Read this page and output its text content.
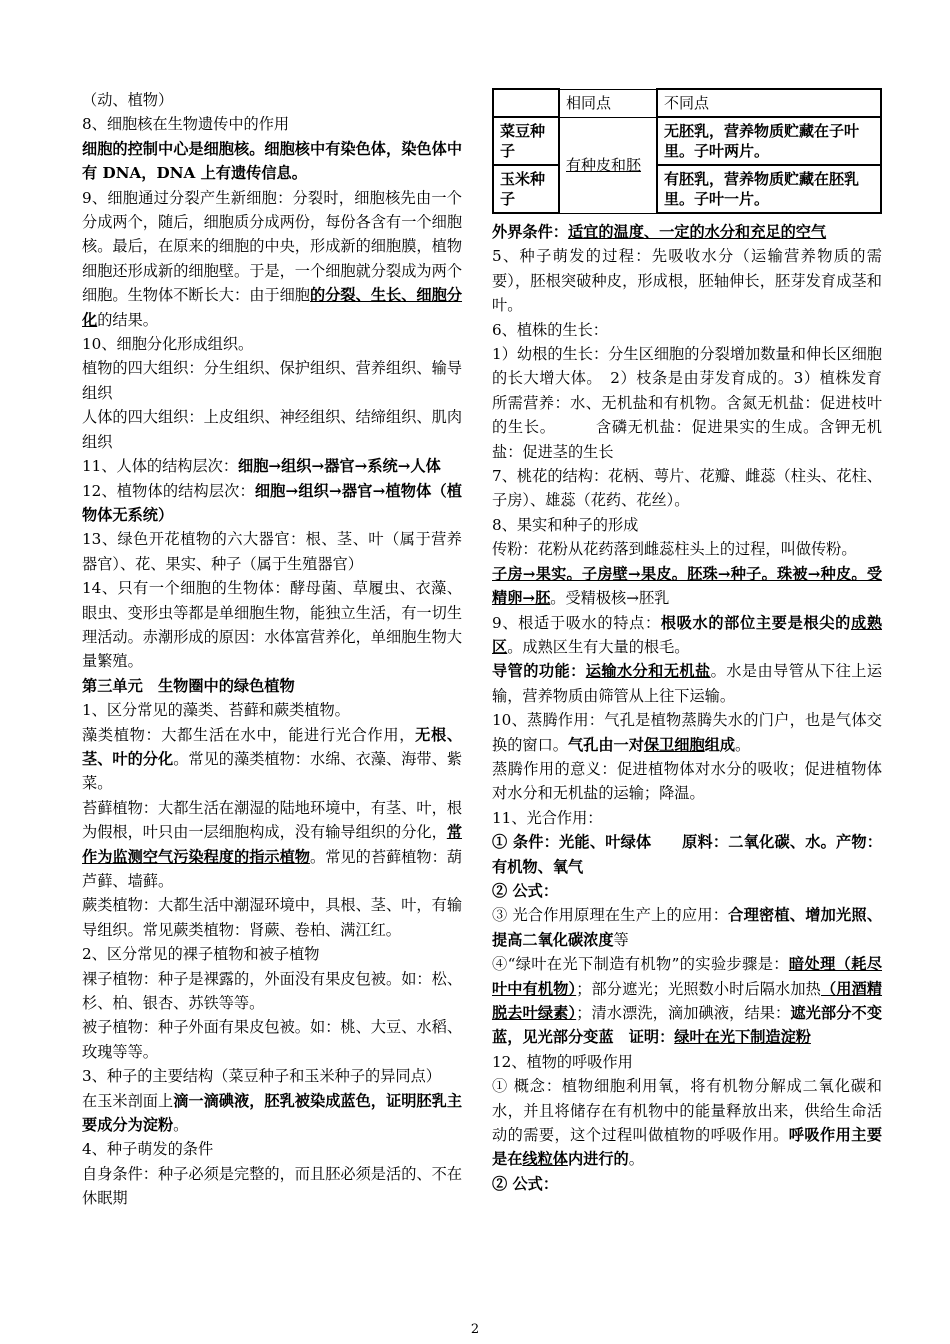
（动、植物）

8、细胞核在生物遗传中的作用

细胞的控制中心是细胞核。细胞核中有染色体，染色体中有 DNA，DNA 上有遗传信息。

9、细胞通过分裂产生新细胞：分裂时，细胞核先由一个分成两个，随后，细胞质分成两份，每份各含有一个细胞核。最后，在原来的细胞的中央，形成新的细胞膜，植物细胞还形成新的细胞壁。于是，一个细胞就分裂成为两个细胞。生物体不断长大：由于细胞的分裂、生长、细胞分化的结果。

10、细胞分化形成组织。

植物的四大组织：分生组织、保护组织、营养组织、输导组织

人体的四大组织：上皮组织、神经组织、结缔组织、肌肉组织

11、人体的结构层次：细胞→组织→器官→系统→人体

12、植物体的结构层次：细胞→组织→器官→植物体（植物体无系统）

13、绿色开花植物的六大器官：根、茎、叶（属于营养器官）、花、果实、种子（属于生殖器官）

14、只有一个细胞的生物体：酵母菌、草履虫、衣藻、眼虫、变形虫等都是单细胞生物，能独立生活，有一切生理活动。赤潮形成的原因：水体富营养化，单细胞生物大量繁殖。

第三单元　生物圈中的绿色植物

1、区分常见的藻类、苔藓和蕨类植物。

藻类植物：大都生活在水中，能进行光合作用，无根、茎、叶的分化。常见的藻类植物：水绵、衣藻、海带、紫菜。

苔藓植物：大都生活在潮湿的陆地环境中，有茎、叶，根为假根，叶只由一层细胞构成，没有输导组织的分化，常作为监测空气污染程度的指示植物。常见的苔藓植物：葫芦藓、墙藓。

蕨类植物：大都生活中潮湿环境中，具根、茎、叶，有输导组织。常见蕨类植物：肾蕨、卷柏、满江红。

2、区分常见的裸子植物和被子植物

裸子植物：种子是裸露的，外面没有果皮包被。如：松、杉、柏、银杏、苏铁等等。

被子植物：种子外面有果皮包被。如：桃、大豆、水稻、玫瑰等等。

3、种子的主要结构（菜豆种子和玉米种子的异同点）

在玉米剖面上滴一滴碘液，胚乳被染成蓝色，证明胚乳主要成分为淀粉。

4、种子萌发的条件

自身条件：种子必须是完整的，而且胚必须是活的、不在休眠期

	相同点	不同点
菜豆种子	有种皮和胚	无胚乳，营养物质贮藏在子叶里。子叶两片。
玉米种子		有胚乳，营养物质贮藏在胚乳里。子叶一片。

外界条件：适宜的温度、一定的水分和充足的空气

5、种子萌发的过程：先吸收水分（运输营养物质的需要），胚根突破种皮，形成根，胚轴伸长，胚芽发育成茎和叶。

6、植株的生长：

1）幼根的生长：分生区细胞的分裂增加数量和伸长区细胞的长大增大体。　2）枝条是由芽发育成的。3）植株发育所需营养：水、无机盐和有机物。含氮无机盐：促进枝叶的生长。　　　含磷无机盐：促进果实的生成。含钾无机盐：促进茎的生长

7、桃花的结构：花柄、萼片、花瓣、雌蕊（柱头、花柱、子房）、雄蕊（花药、花丝）。

8、果实和种子的形成

传粉：花粉从花药落到雌蕊柱头上的过程，叫做传粉。

子房→果实。子房壁→果皮。胚珠→种子。珠被→种皮。受精卵→胚。受精极核→胚乳

9、根适于吸水的特点：根吸水的部位主要是根尖的成熟区。成熟区生有大量的根毛。

导管的功能：运输水分和无机盐。水是由导管从下往上运输，营养物质由筛管从上往下运输。

10、蒸腾作用：气孔是植物蒸腾失水的门户，也是气体交换的窗口。气孔由一对保卫细胞组成。

蒸腾作用的意义：促进植物体对水分的吸收；促进植物体对水分和无机盐的运输；降温。

11、光合作用：

① 条件：光能、叶绿体　　原料：二氧化碳、水。产物：有机物、氧气

② 公式：

③ 光合作用原理在生产上的应用：合理密植、增加光照、提高二氧化碳浓度等

④“绿叶在光下制造有机物”的实验步骤是：暗处理（耗尽叶中有机物）；部分遮光；光照数小时后隔水加热（用酒精脱去叶绿素）；清水漂洗，滴加碘液，结果：遮光部分不变蓝，见光部分变蓝　证明：绿叶在光下制造淀粉

12、植物的呼吸作用

① 概念：植物细胞利用氧，将有机物分解成二氧化碳和水，并且将储存在有机物中的能量释放出来，供给生命活动的需要，这个过程叫做植物的呼吸作用。呼吸作用主要是在线粒体内进行的。

② 公式：

2
